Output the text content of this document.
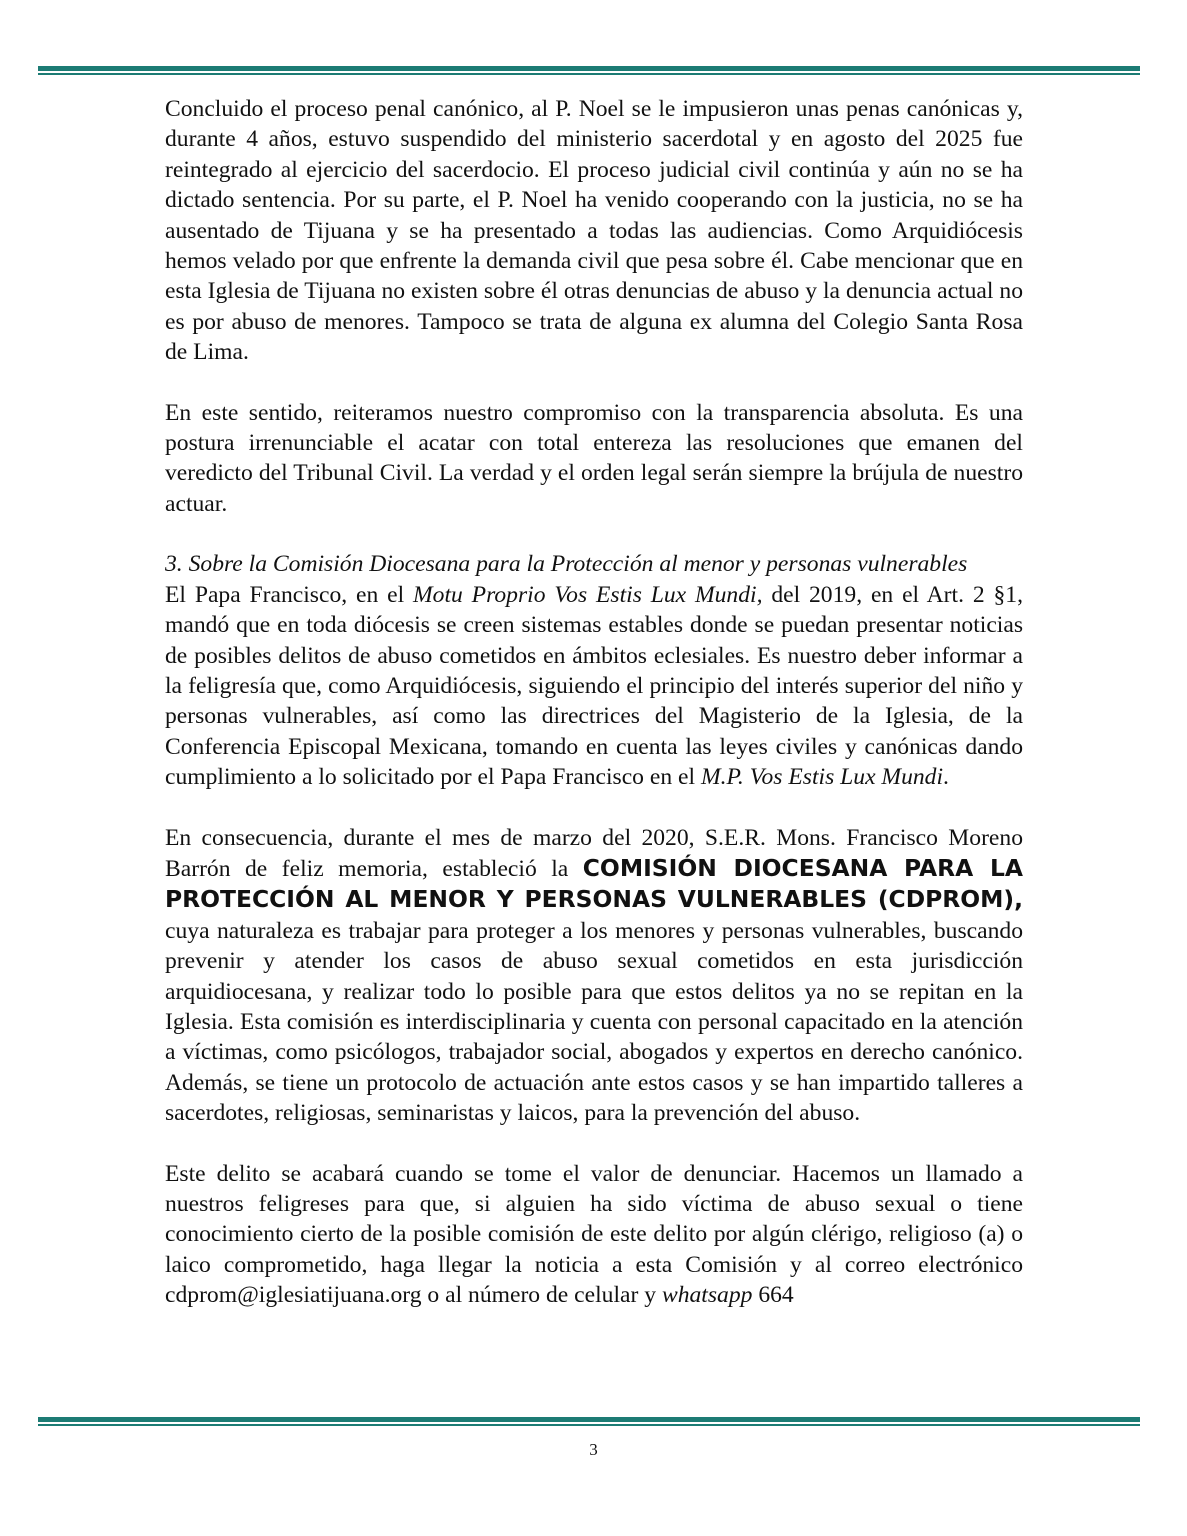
Concluido el proceso penal canónico, al P. Noel se le impusieron unas penas canónicas y, durante 4 años, estuvo suspendido del ministerio sacerdotal y en agosto del 2025 fue reintegrado al ejercicio del sacerdocio. El proceso judicial civil continúa y aún no se ha dictado sentencia. Por su parte, el P. Noel ha venido cooperando con la justicia, no se ha ausentado de Tijuana y se ha presentado a todas las audiencias. Como Arquidiócesis hemos velado por que enfrente la demanda civil que pesa sobre él. Cabe mencionar que en esta Iglesia de Tijuana no existen sobre él otras denuncias de abuso y la denuncia actual no es por abuso de menores. Tampoco se trata de alguna ex alumna del Colegio Santa Rosa de Lima.

En este sentido, reiteramos nuestro compromiso con la transparencia absoluta. Es una postura irrenunciable el acatar con total entereza las resoluciones que emanen del veredicto del Tribunal Civil. La verdad y el orden legal serán siempre la brújula de nuestro actuar.

3. Sobre la Comisión Diocesana para la Protección al menor y personas vulnerables

El Papa Francisco, en el Motu Proprio Vos Estis Lux Mundi, del 2019, en el Art. 2 §1, mandó que en toda diócesis se creen sistemas estables donde se puedan presentar noticias de posibles delitos de abuso cometidos en ámbitos eclesiales. Es nuestro deber informar a la feligresía que, como Arquidiócesis, siguiendo el principio del interés superior del niño y personas vulnerables, así como las directrices del Magisterio de la Iglesia, de la Conferencia Episcopal Mexicana, tomando en cuenta las leyes civiles y canónicas dando cumplimiento a lo solicitado por el Papa Francisco en el M.P. Vos Estis Lux Mundi.

En consecuencia, durante el mes de marzo del 2020, S.E.R. Mons. Francisco Moreno Barrón de feliz memoria, estableció la COMISIÓN DIOCESANA PARA LA PROTECCIÓN AL MENOR Y PERSONAS VULNERABLES (CDPROM), cuya naturaleza es trabajar para proteger a los menores y personas vulnerables, buscando prevenir y atender los casos de abuso sexual cometidos en esta jurisdicción arquidiocesana, y realizar todo lo posible para que estos delitos ya no se repitan en la Iglesia. Esta comisión es interdisciplinaria y cuenta con personal capacitado en la atención a víctimas, como psicólogos, trabajador social, abogados y expertos en derecho canónico. Además, se tiene un protocolo de actuación ante estos casos y se han impartido talleres a sacerdotes, religiosas, seminaristas y laicos, para la prevención del abuso.

Este delito se acabará cuando se tome el valor de denunciar. Hacemos un llamado a nuestros feligreses para que, si alguien ha sido víctima de abuso sexual o tiene conocimiento cierto de la posible comisión de este delito por algún clérigo, religioso (a) o laico comprometido, haga llegar la noticia a esta Comisión y al correo electrónico cdprom@iglesiatijuana.org o al número de celular y whatsapp 664

3
